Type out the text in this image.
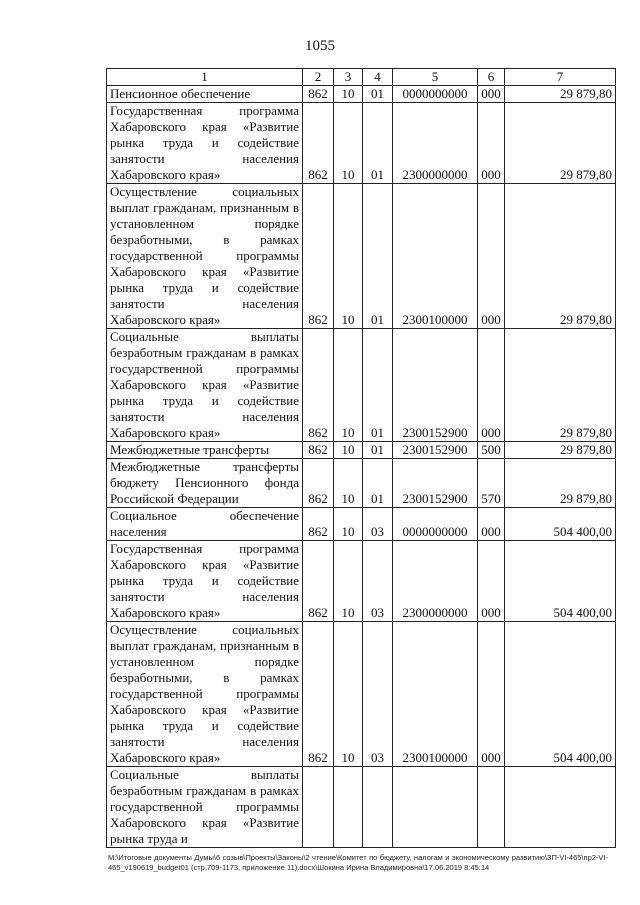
1055
1	2	3	4	5	6	7
Пенсионное обеспечение	862	10	01	0000000000	000	29 879,80
Государственная программа Хабаровского края «Развитие рынка труда и содействие занятости населения Хабаровского края»	862	10	01	2300000000	000	29 879,80
Осуществление социальных выплат гражданам, признанным в установленном порядке безработными, в рамках государственной программы Хабаровского края «Развитие рынка труда и содействие занятости населения Хабаровского края»	862	10	01	2300100000	000	29 879,80
Социальные выплаты безработным гражданам в рамках государственной программы Хабаровского края «Развитие рынка труда и содействие занятости населения Хабаровского края»	862	10	01	2300152900	000	29 879,80
Межбюджетные трансферты	862	10	01	2300152900	500	29 879,80
Межбюджетные трансферты бюджету Пенсионного фонда Российской Федерации	862	10	01	2300152900	570	29 879,80
Социальное обеспечение населения	862	10	03	0000000000	000	504 400,00
Государственная программа Хабаровского края «Развитие рынка труда и содействие занятости населения Хабаровского края»	862	10	03	2300000000	000	504 400,00
Осуществление социальных выплат гражданам, признанным в установленном порядке безработными, в рамках государственной программы Хабаровского края «Развитие рынка труда и содействие занятости населения Хабаровского края»	862	10	03	2300100000	000	504 400,00
Социальные выплаты безработным гражданам в рамках государственной программы Хабаровского края «Развитие рынка труда и						
M:\Итоговые документы Думы\6 созыв\Проекты\Законы\2 чтение\Комитет по бюджету, налогам и экономическому развитию\ЗП-VI-465\пр2-VI-465_v190619_budget01 (стр.709-1173, приложение 11).docx\Шокина Ирина Владимировна\17.06.2019 8:45:14
